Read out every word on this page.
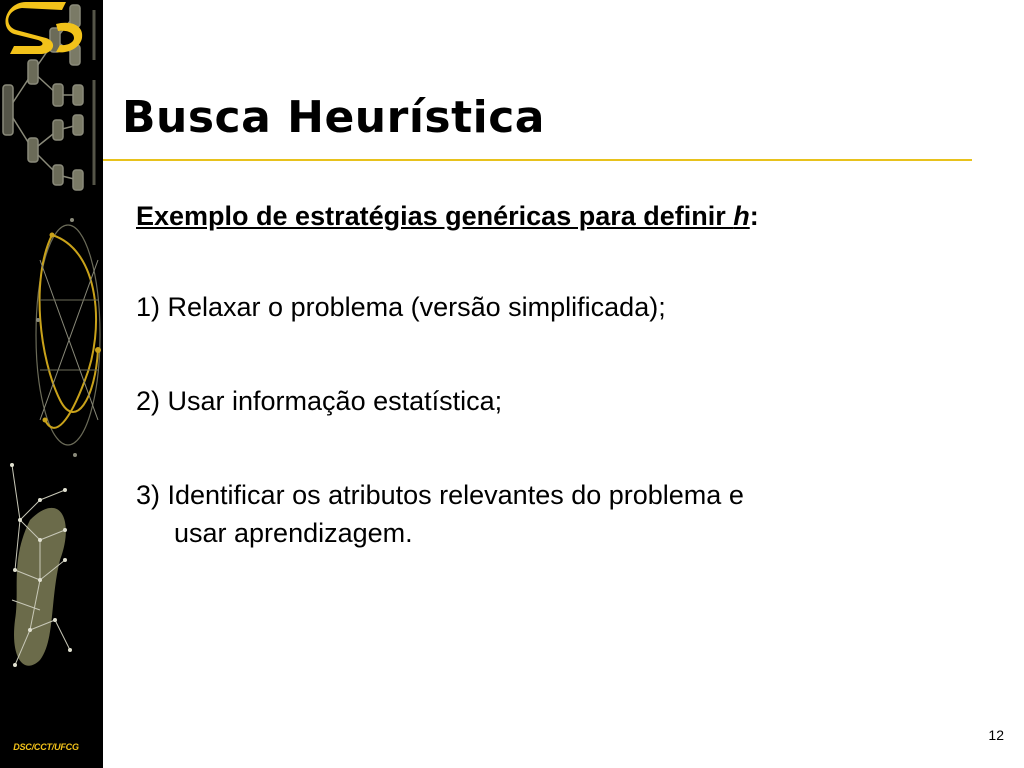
DSC/CCT/UFCG
Busca Heurística

Exemplo de estratégias genéricas para definir h:

1) Relaxar o problema (versão simplificada);

2) Usar informação estatística;

3) Identificar os atributos relevantes do problema e
usar aprendizagem.

12
